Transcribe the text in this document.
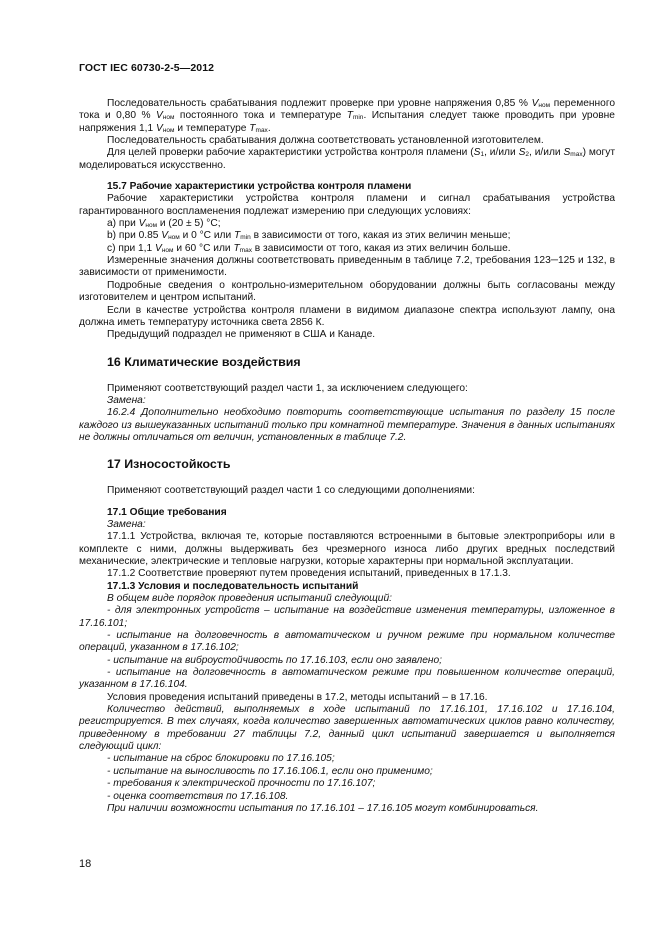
ГОСТ IEC 60730-2-5—2012

Последовательность срабатывания подлежит проверке при уровне напряжения 0,85 % $V_{ном}$ переменного тока и 0,80 % $V_{ном}$ постоянного тока и температуре $T_{min}$. Испытания следует также проводить при уровне напряжения 1,1 $V_{ном}$ и температуре $T_{max}$.

Последовательность срабатывания должна соответствовать установленной изготовителем.

Для целей проверки рабочие характеристики устройства контроля пламени ($S_1$, и/или $S_2$, и/или $S_{max}$) могут моделироваться искусственно.

15.7 Рабочие характеристики устройства контроля пламени

Рабочие характеристики устройства контроля пламени и сигнал срабатывания устройства гарантированного воспламенения подлежат измерению при следующих условиях:

a) при $V_{ном}$ и (20 ± 5) °С;

b) при 0.85 $V_{ном}$ и 0 °С или $T_{min}$ в зависимости от того, какая из этих величин меньше;

c) при 1,1 $V_{ном}$ и 60 °С или $T_{max}$ в зависимости от того, какая из этих величин больше.

Измеренные значения должны соответствовать приведенным в таблице 7.2, требования 123─125 и 132, в зависимости от применимости.

Подробные сведения о контрольно-измерительном оборудовании должны быть согласованы между изготовителем и центром испытаний.

Если в качестве устройства контроля пламени в видимом диапазоне спектра используют лампу, она должна иметь температуру источника света 2856 К.

Предыдущий подраздел не применяют в США и Канаде.

16 Климатические воздействия

Применяют соответствующий раздел части 1, за исключением следующего:

Замена:

16.2.4 Дополнительно необходимо повторить соответствующие испытания по разделу 15 после каждого из вышеуказанных испытаний только при комнатной температуре. Значения в данных испытаниях не должны отличаться от величин, установленных в таблице 7.2.

17 Износостойкость

Применяют соответствующий раздел части 1 со следующими дополнениями:

17.1 Общие требования

Замена:

17.1.1 Устройства, включая те, которые поставляются встроенными в бытовые электроприборы или в комплекте с ними, должны выдерживать без чрезмерного износа либо других вредных последствий механические, электрические и тепловые нагрузки, которые характерны при нормальной эксплуатации.

17.1.2 Соответствие проверяют путем проведения испытаний, приведенных в 17.1.3.

17.1.3 Условия и последовательность испытаний

В общем виде порядок проведения испытаний следующий:

- для электронных устройств – испытание на воздействие изменения температуры, изложенное в 17.16.101;

- испытание на долговечность в автоматическом и ручном режиме при нормальном количестве операций, указанном в 17.16.102;

- испытание на виброустойчивость по 17.16.103, если оно заявлено;

- испытание на долговечность в автоматическом режиме при повышенном количестве операций, указанном в 17.16.104.

Условия проведения испытаний приведены в 17.2, методы испытаний – в 17.16.

Количество действий, выполняемых в ходе испытаний по 17.16.101, 17.16.102 и 17.16.104, регистрируется. В тех случаях, когда количество завершенных автоматических циклов равно количеству, приведенному в требовании 27 таблицы 7.2, данный цикл испытаний завершается и выполняется следующий цикл:

- испытание на сброс блокировки по 17.16.105;

- испытание на выносливость по 17.16.106.1, если оно применимо;

- требования к электрической прочности по 17.16.107;

- оценка соответствия по 17.16.108.

При наличии возможности испытания по 17.16.101 – 17.16.105 могут комбинироваться.

18
